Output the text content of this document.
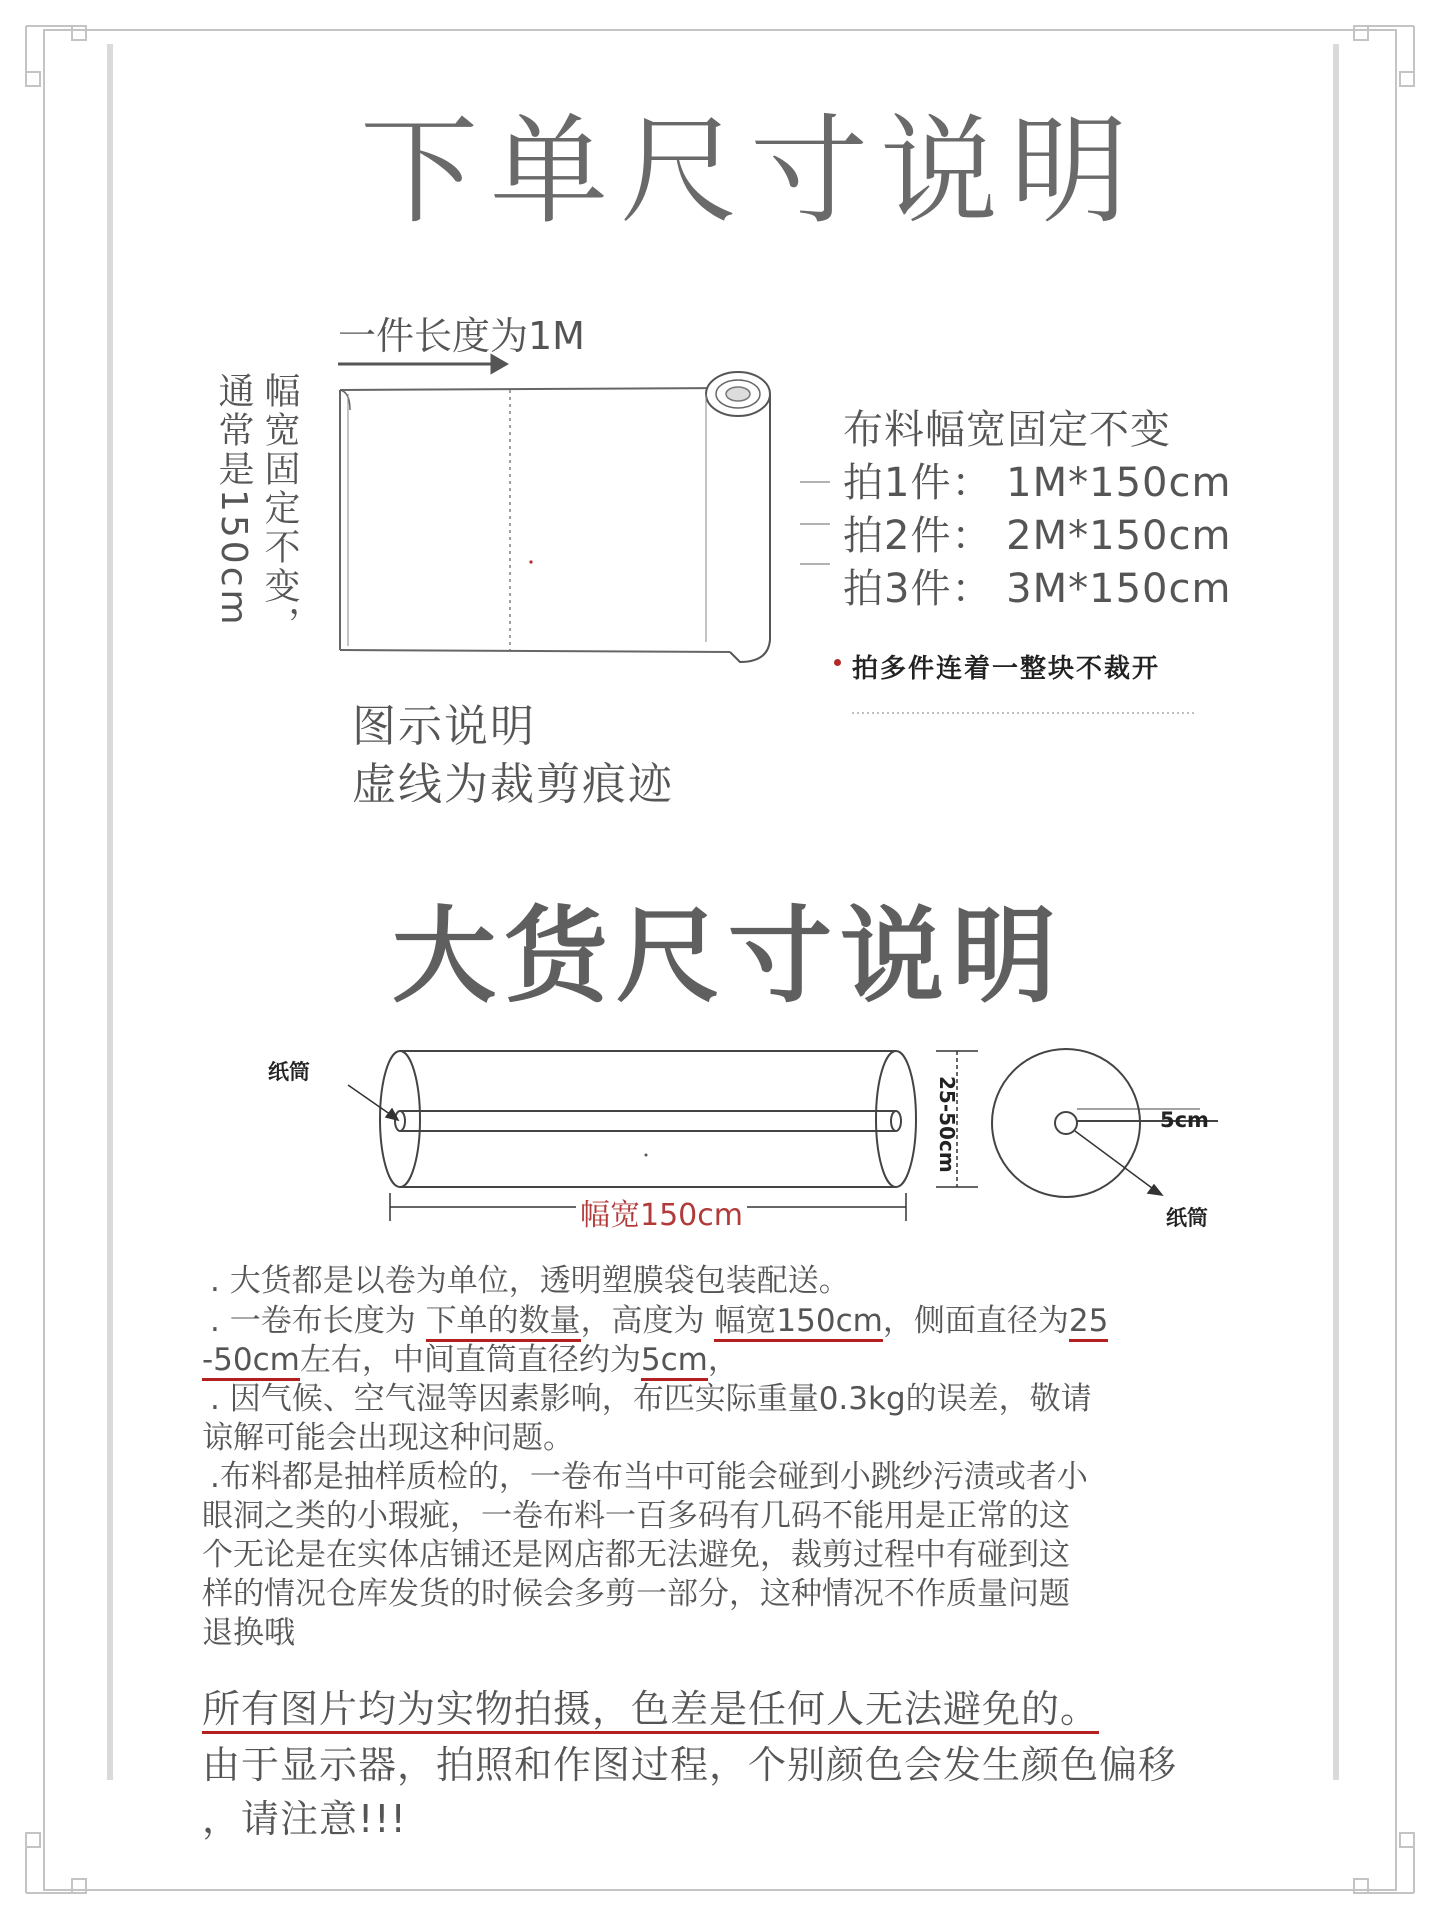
下单尺寸说明
一件长度为1M
幅宽固定不变，
通常是150cm	布料幅宽固定不变
拍1件： 1M*150cm
拍2件： 2M*150cm
拍3件： 3M*150cm
拍多件连着一整块不裁开
图示说明
虚线为裁剪痕迹
大货尺寸说明
纸筒
25-50cm	5cm
纸筒
幅宽150cm
. 大货都是以卷为单位，透明塑膜袋包装配送。
. 一卷布长度为 下单的数量，高度为 幅宽150cm，侧面直径为25
-50cm左右，中间直筒直径约为5cm，
. 因气候、空气湿等因素影响，布匹实际重量0.3kg的误差，敬请
谅解可能会出现这种问题。
.布料都是抽样质检的，一卷布当中可能会碰到小跳纱污渍或者小
眼洞之类的小瑕疵，一卷布料一百多码有几码不能用是正常的这
个无论是在实体店铺还是网店都无法避免，裁剪过程中有碰到这
样的情况仓库发货的时候会多剪一部分，这种情况不作质量问题
退换哦
所有图片均为实物拍摄，色差是任何人无法避免的。
由于显示器，拍照和作图过程，个别颜色会发生颜色偏移
，请注意!!!
